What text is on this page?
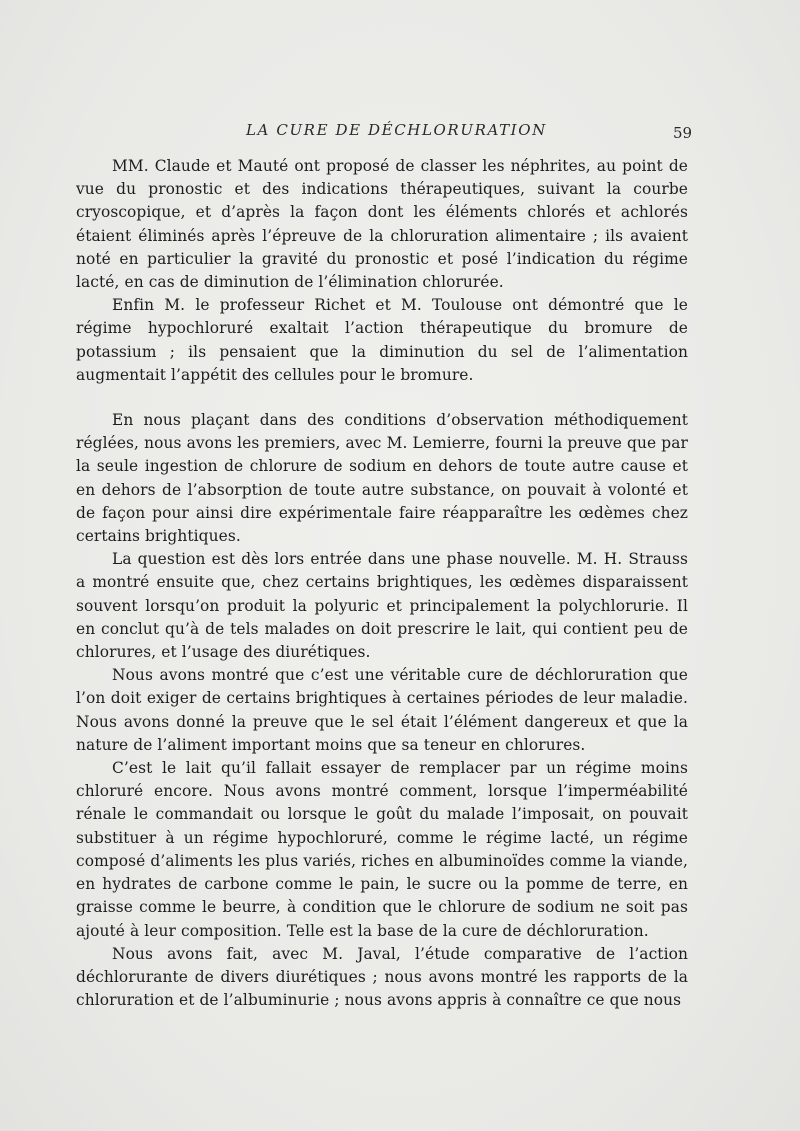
LA CURE DE DÉCHLORURATION	59

MM. Claude et Mauté ont proposé de classer les néphrites, au point de vue du pronostic et des indications thérapeutiques, suivant la courbe cryoscopique, et d’après la façon dont les éléments chlorés et achlorés étaient éliminés après l’épreuve de la chloruration alimentaire ; ils avaient noté en particulier la gravité du pronostic et posé l’indication du régime lacté, en cas de diminution de l’élimination chlorurée.

Enfin M. le professeur Richet et M. Toulouse ont démontré que le régime hypochloruré exaltait l’action thérapeutique du bromure de potassium ; ils pensaient que la diminution du sel de l’alimentation augmentait l’appétit des cellules pour le bromure.

En nous plaçant dans des conditions d’observation méthodiquement réglées, nous avons les premiers, avec M. Lemierre, fourni la preuve que par la seule ingestion de chlorure de sodium en dehors de toute autre cause et en dehors de l’absorption de toute autre substance, on pouvait à volonté et de façon pour ainsi dire expérimentale faire réapparaître les œdèmes chez certains brightiques.

La question est dès lors entrée dans une phase nouvelle. M. H. Strauss a montré ensuite que, chez certains brightiques, les œdèmes disparaissent souvent lorsqu’on produit la polyuric et principalement la polychlorurie. Il en conclut qu’à de tels malades on doit prescrire le lait, qui contient peu de chlorures, et l’usage des diurétiques.

Nous avons montré que c’est une véritable cure de déchloruration que l’on doit exiger de certains brightiques à certaines périodes de leur maladie. Nous avons donné la preuve que le sel était l’élément dangereux et que la nature de l’aliment important moins que sa teneur en chlorures.

C’est le lait qu’il fallait essayer de remplacer par un régime moins chloruré encore. Nous avons montré comment, lorsque l’imperméabilité rénale le commandait ou lorsque le goût du malade l’imposait, on pouvait substituer à un régime hypochloruré, comme le régime lacté, un régime composé d’aliments les plus variés, riches en albuminoïdes comme la viande, en hydrates de carbone comme le pain, le sucre ou la pomme de terre, en graisse comme le beurre, à condition que le chlorure de sodium ne soit pas ajouté à leur composition. Telle est la base de la cure de déchloruration.

Nous avons fait, avec M. Javal, l’étude comparative de l’action déchlorurante de divers diurétiques ; nous avons montré les rapports de la chloruration et de l’albuminurie ; nous avons appris à connaître ce que nous
